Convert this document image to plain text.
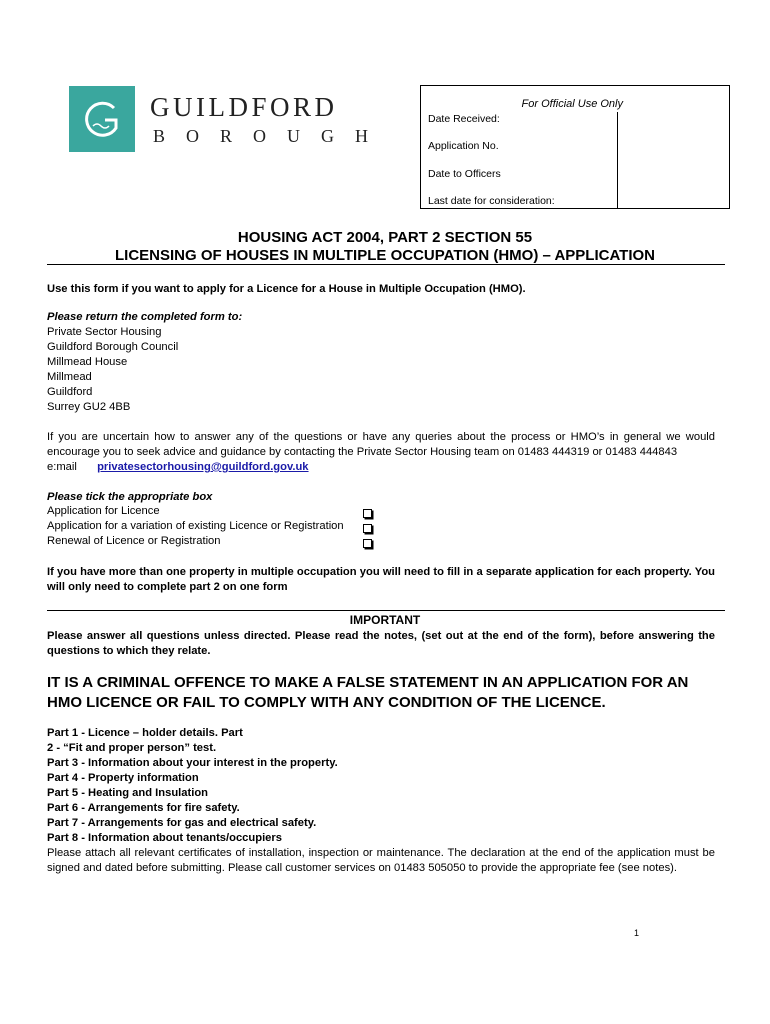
GUILDFORD
BOROUGH
For Official Use Only
Date Received:
Application No.
Date to Officers
Last date for consideration:
HOUSING ACT 2004, PART 2 SECTION 55
LICENSING OF HOUSES IN MULTIPLE OCCUPATION (HMO) – APPLICATION
Use this form if you want to apply for a Licence for a House in Multiple Occupation (HMO).
Please return the completed form to:
Private Sector Housing
Guildford Borough Council
Millmead House
Millmead
Guildford
Surrey GU2 4BB
If you are uncertain how to answer any of the questions or have any queries about the process or HMO’s in general we would encourage you to seek advice and guidance by contacting the Private Sector Housing team on 01483 444319 or 01483 444843
e:mail privatesectorhousing@guildford.gov.uk
Please tick the appropriate box
Application for Licence
Application for a variation of existing Licence or Registration
Renewal of Licence or Registration
If you have more than one property in multiple occupation you will need to fill in a separate application for each property. You will only need to complete part 2 on one form
IMPORTANT
Please answer all questions unless directed. Please read the notes, (set out at the end of the form), before answering the questions to which they relate.
IT IS A CRIMINAL OFFENCE TO MAKE A FALSE STATEMENT IN AN APPLICATION FOR AN HMO LICENCE OR FAIL TO COMPLY WITH ANY CONDITION OF THE LICENCE.
Part 1 - Licence – holder details. Part
2 - “Fit and proper person” test.
Part 3 - Information about your interest in the property.
Part 4 - Property information
Part 5 - Heating and Insulation
Part 6 - Arrangements for fire safety.
Part 7 - Arrangements for gas and electrical safety.
Part 8 - Information about tenants/occupiers
Please attach all relevant certificates of installation, inspection or maintenance. The declaration at the end of the application must be signed and dated before submitting. Please call customer services on 01483 505050 to provide the appropriate fee (see notes).
1
